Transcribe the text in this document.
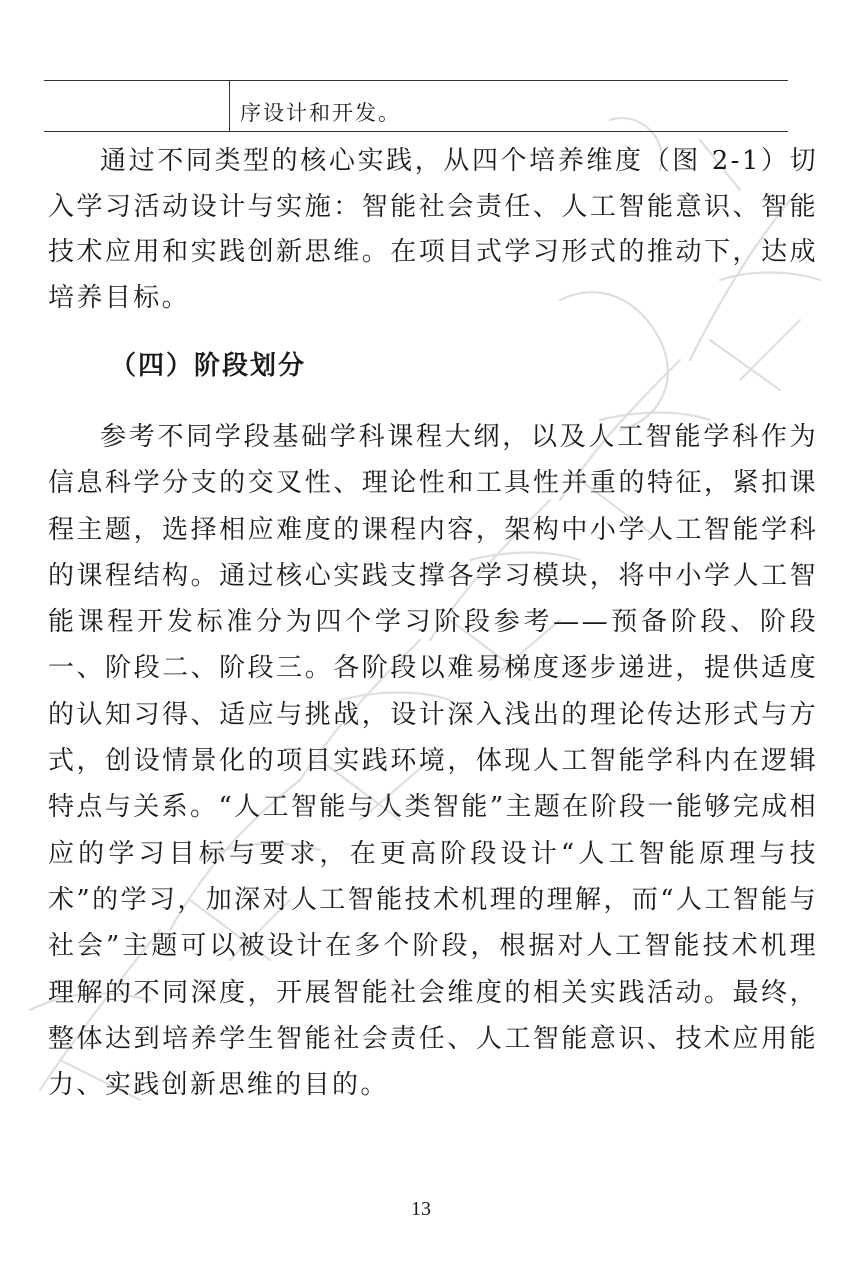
序设计和开发。

通过不同类型的核心实践，从四个培养维度（图 2-1）切入学习活动设计与实施：智能社会责任、人工智能意识、智能技术应用和实践创新思维。在项目式学习形式的推动下，达成培养目标。

（四）阶段划分

参考不同学段基础学科课程大纲，以及人工智能学科作为信息科学分支的交叉性、理论性和工具性并重的特征，紧扣课程主题，选择相应难度的课程内容，架构中小学人工智能学科的课程结构。通过核心实践支撑各学习模块，将中小学人工智能课程开发标准分为四个学习阶段参考——预备阶段、阶段一、阶段二、阶段三。各阶段以难易梯度逐步递进，提供适度的认知习得、适应与挑战，设计深入浅出的理论传达形式与方式，创设情景化的项目实践环境，体现人工智能学科内在逻辑特点与关系。“人工智能与人类智能”主题在阶段一能够完成相应的学习目标与要求，在更高阶段设计“人工智能原理与技术”的学习，加深对人工智能技术机理的理解，而“人工智能与社会”主题可以被设计在多个阶段，根据对人工智能技术机理理解的不同深度，开展智能社会维度的相关实践活动。最终，整体达到培养学生智能社会责任、人工智能意识、技术应用能力、实践创新思维的目的。

13
